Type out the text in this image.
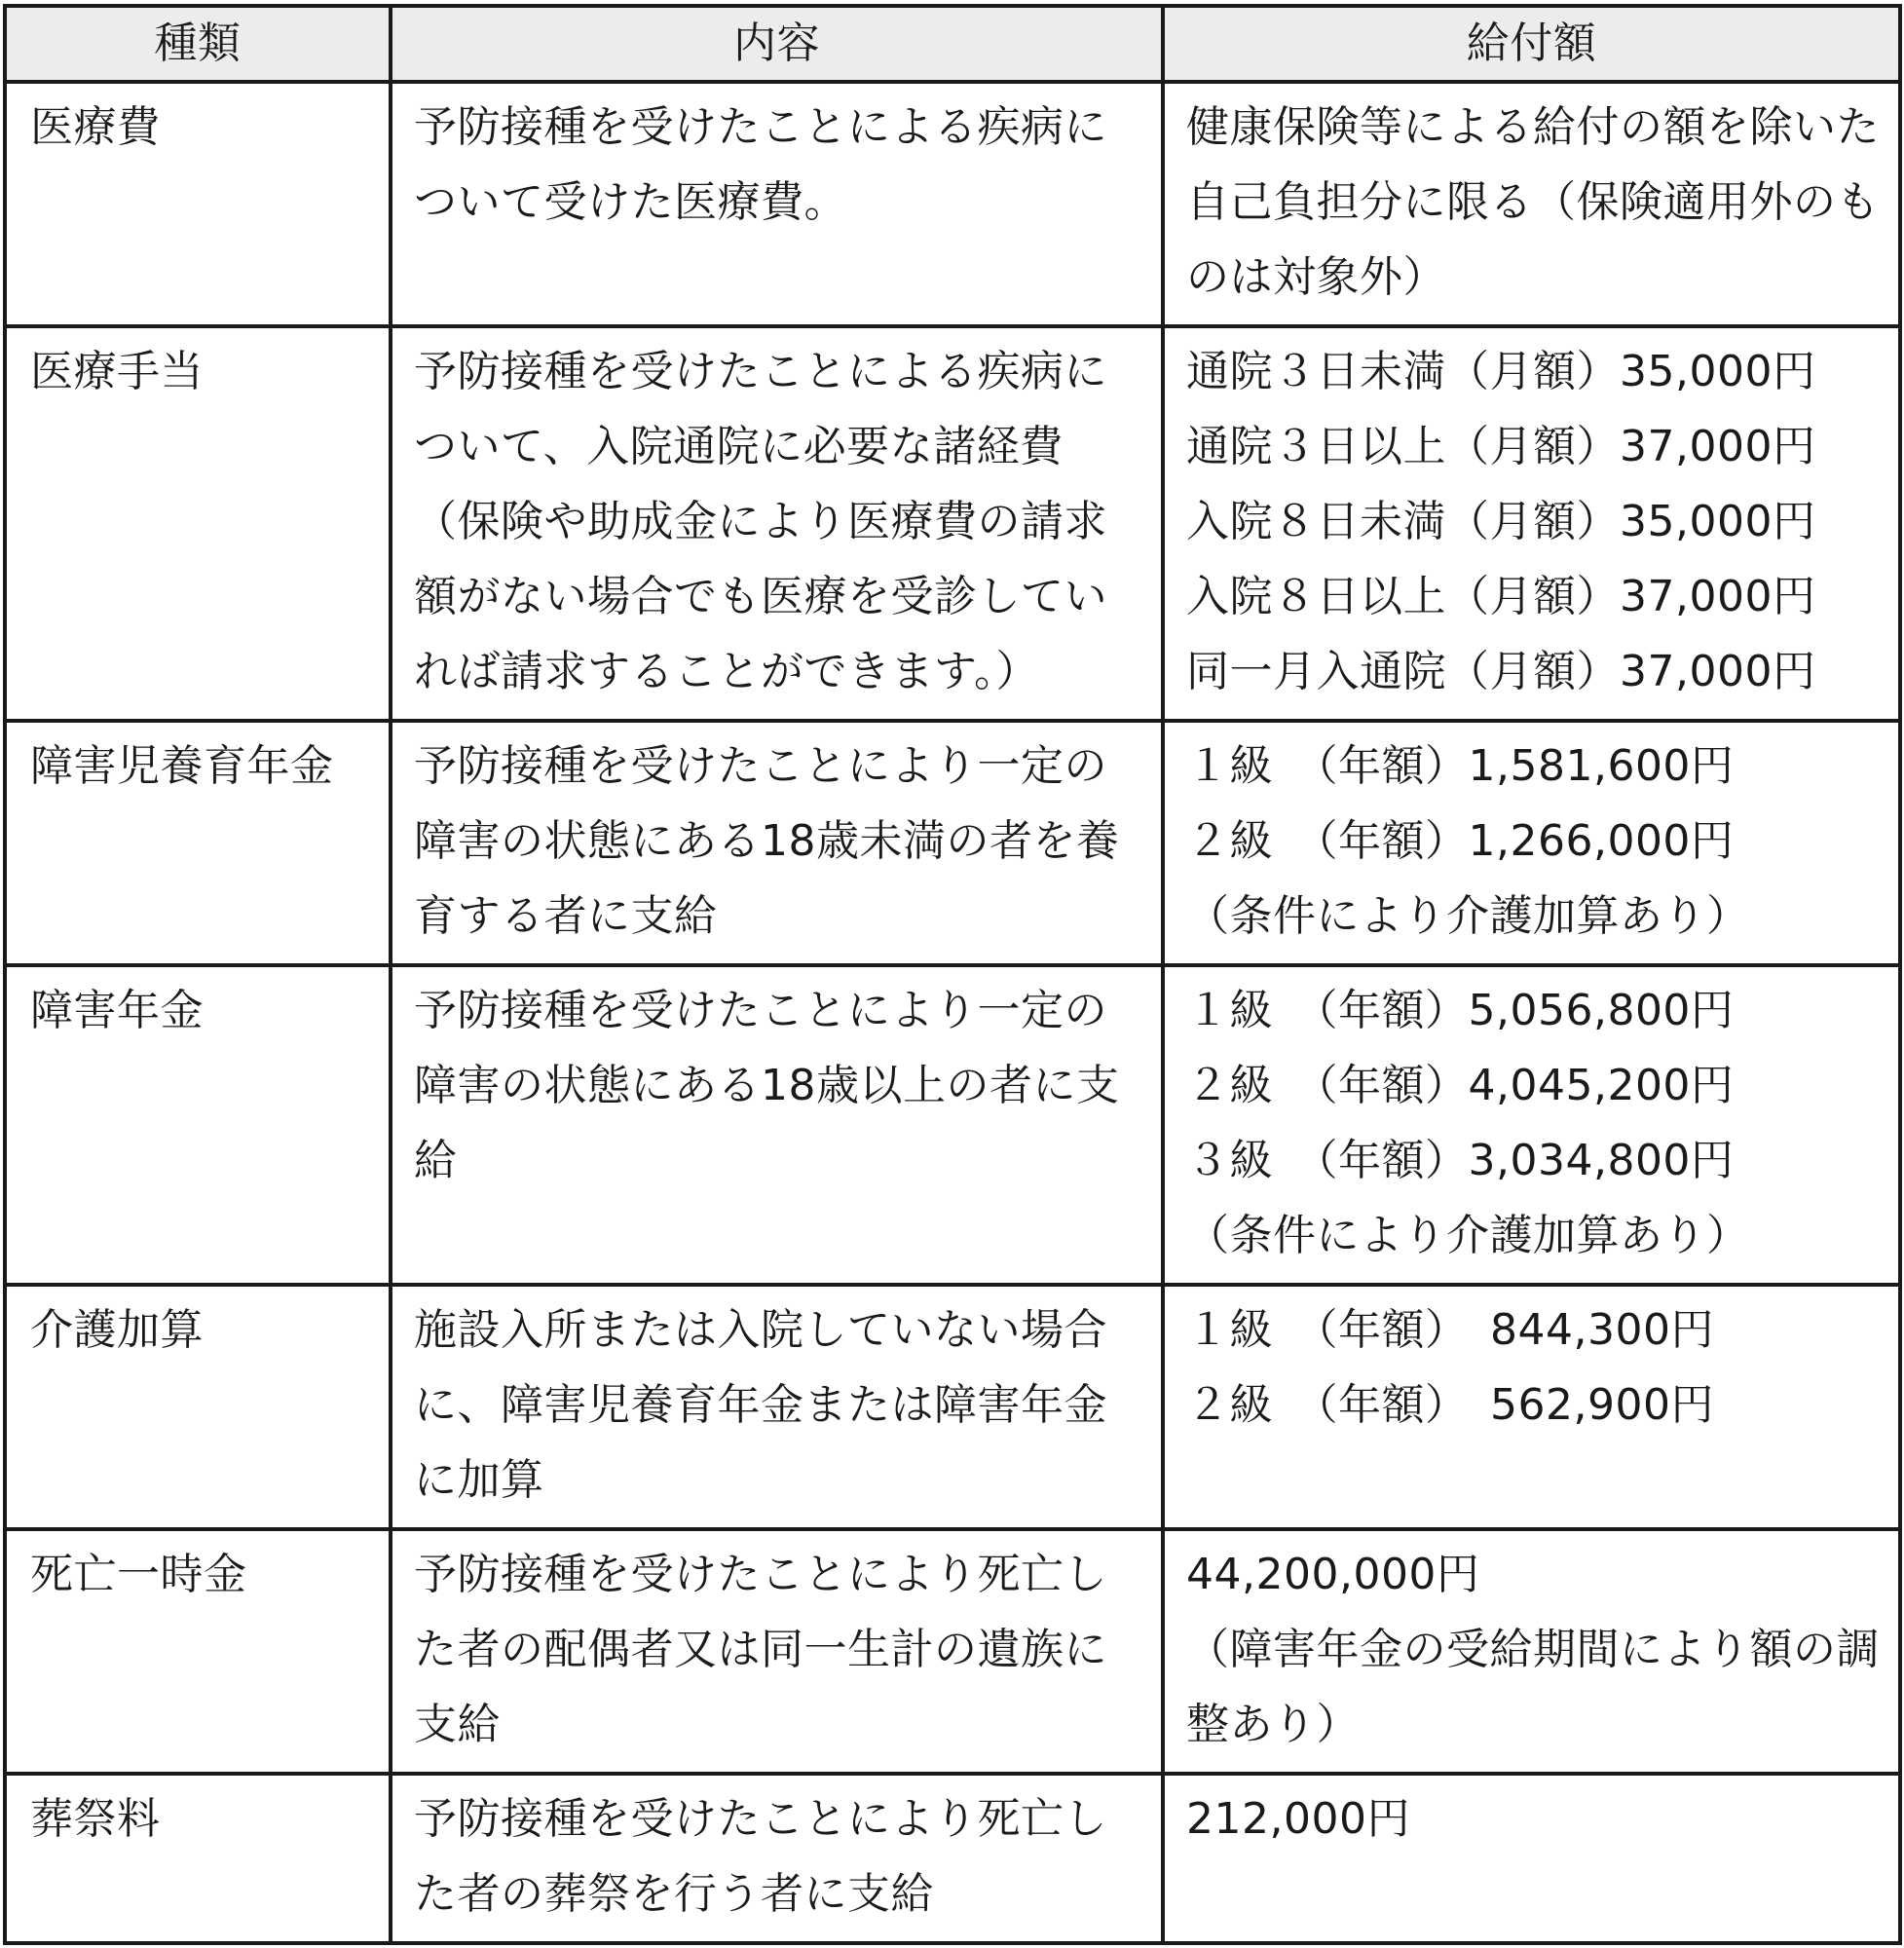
種類	内容	給付額
医療費	予防接種を受けたことによる疾病について受けた医療費。	健康保険等による給付の額を除いた自己負担分に限る（保険適用外のものは対象外）

医療手当	予防接種を受けたことによる疾病について、入院通院に必要な諸経費（保険や助成金により医療費の請求額がない場合でも医療を受診していれば請求することができます。）	通院３日未満（月額）35,000円
通院３日以上（月額）37,000円
入院８日未満（月額）35,000円
入院８日以上（月額）37,000円
同一月入通院（月額）37,000円

障害児養育年金	予防接種を受けたことにより一定の障害の状態にある18歳未満の者を養育する者に支給	１級　（年額）1,581,600円
２級　（年額）1,266,000円
（条件により介護加算あり）

障害年金	予防接種を受けたことにより一定の障害の状態にある18歳以上の者に支給	１級　（年額）5,056,800円
２級　（年額）4,045,200円
３級　（年額）3,034,800円
（条件により介護加算あり）

介護加算	施設入所または入院していない場合に、障害児養育年金または障害年金に加算	１級　（年額）　844,300円
２級　（年額）　562,900円

死亡一時金	予防接種を受けたことにより死亡した者の配偶者又は同一生計の遺族に支給	44,200,000円
（障害年金の受給期間により額の調整あり）

葬祭料	予防接種を受けたことにより死亡した者の葬祭を行う者に支給	212,000円
